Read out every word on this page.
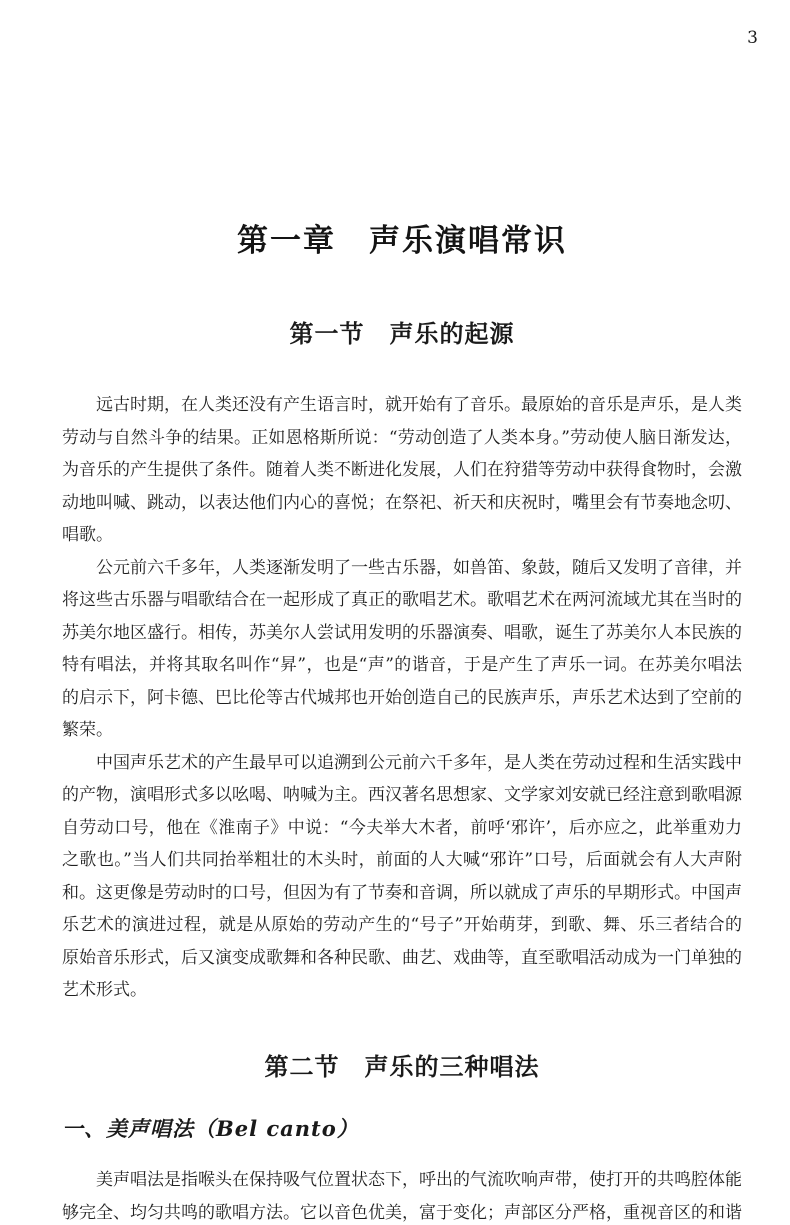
3
第一章　声乐演唱常识
第一节　声乐的起源

远古时期，在人类还没有产生语言时，就开始有了音乐。最原始的音乐是声乐，是人类劳动与自然斗争的结果。正如恩格斯所说：“劳动创造了人类本身。”劳动使人脑日渐发达，为音乐的产生提供了条件。随着人类不断进化发展，人们在狩猎等劳动中获得食物时，会激动地叫喊、跳动，以表达他们内心的喜悦；在祭祀、祈天和庆祝时，嘴里会有节奏地念叨、唱歌。

公元前六千多年，人类逐渐发明了一些古乐器，如兽笛、象鼓，随后又发明了音律，并将这些古乐器与唱歌结合在一起形成了真正的歌唱艺术。歌唱艺术在两河流域尤其在当时的苏美尔地区盛行。相传，苏美尔人尝试用发明的乐器演奏、唱歌，诞生了苏美尔人本民族的特有唱法，并将其取名叫作“昇”，也是“声”的谐音，于是产生了声乐一词。在苏美尔唱法的启示下，阿卡德、巴比伦等古代城邦也开始创造自己的民族声乐，声乐艺术达到了空前的繁荣。

中国声乐艺术的产生最早可以追溯到公元前六千多年，是人类在劳动过程和生活实践中的产物，演唱形式多以吆喝、呐喊为主。西汉著名思想家、文学家刘安就已经注意到歌唱源自劳动口号，他在《淮南子》中说：“今夫举大木者，前呼‘邪许’，后亦应之，此举重劝力之歌也。”当人们共同抬举粗壮的木头时，前面的人大喊“邪许”口号，后面就会有人大声附和。这更像是劳动时的口号，但因为有了节奏和音调，所以就成了声乐的早期形式。中国声乐艺术的演进过程，就是从原始的劳动产生的“号子”开始萌芽，到歌、舞、乐三者结合的原始音乐形式，后又演变成歌舞和各种民歌、曲艺、戏曲等，直至歌唱活动成为一门单独的艺术形式。

第二节　声乐的三种唱法
一、美声唱法（Bel canto）

美声唱法是指喉头在保持吸气位置状态下，呼出的气流吹响声带，使打开的共鸣腔体能够完全、均匀共鸣的歌唱方法。它以音色优美，富于变化；声部区分严格，重视音区的和谐
